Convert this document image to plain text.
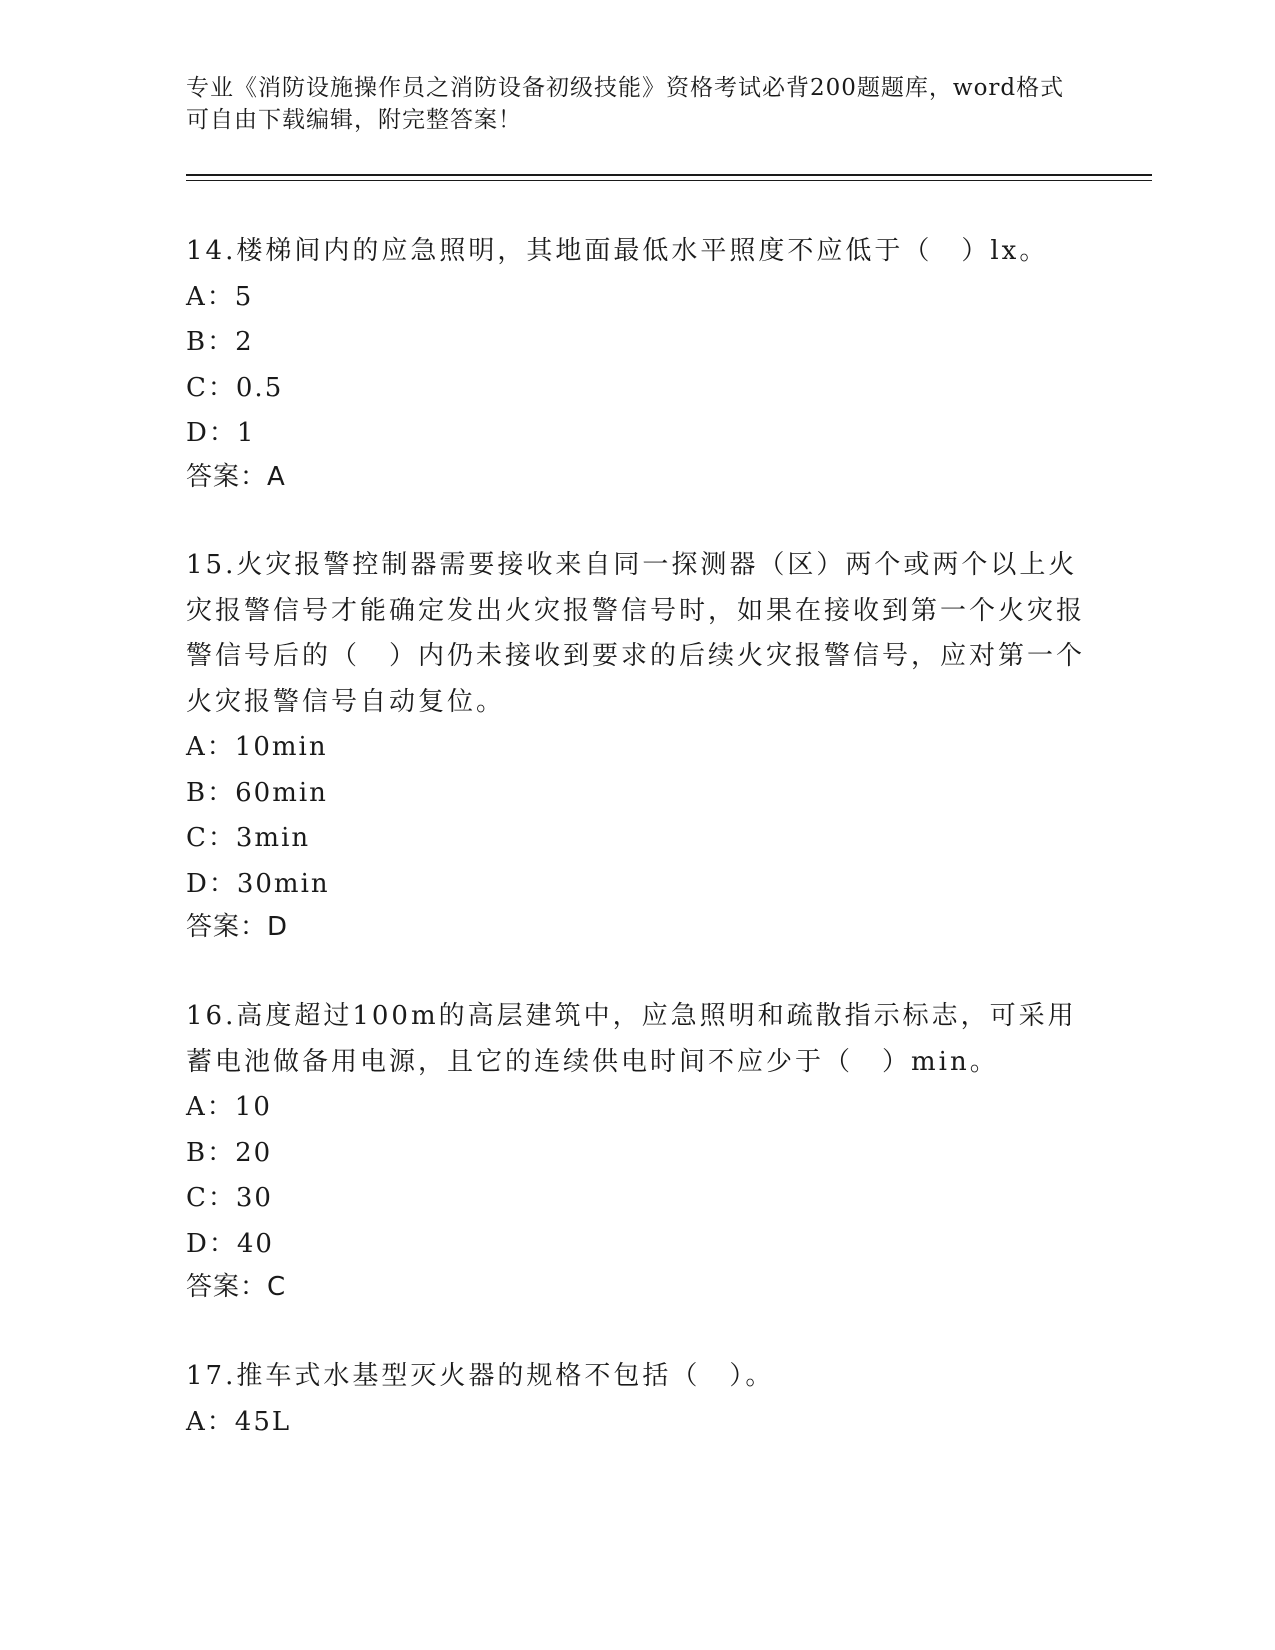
专业《消防设施操作员之消防设备初级技能》资格考试必背200题题库，word格式可自由下载编辑，附完整答案！

14.楼梯间内的应急照明，其地面最低水平照度不应低于（　）lx。

A：5

B：2

C：0.5

D：1

答案：A

15.火灾报警控制器需要接收来自同一探测器（区）两个或两个以上火灾报警信号才能确定发出火灾报警信号时，如果在接收到第一个火灾报警信号后的（　）内仍未接收到要求的后续火灾报警信号，应对第一个火灾报警信号自动复位。

A：10min

B：60min

C：3min

D：30min

答案：D

16.高度超过100m的高层建筑中，应急照明和疏散指示标志，可采用蓄电池做备用电源，且它的连续供电时间不应少于（　）min。

A：10

B：20

C：30

D：40

答案：C

17.推车式水基型灭火器的规格不包括（　）。

A：45L
